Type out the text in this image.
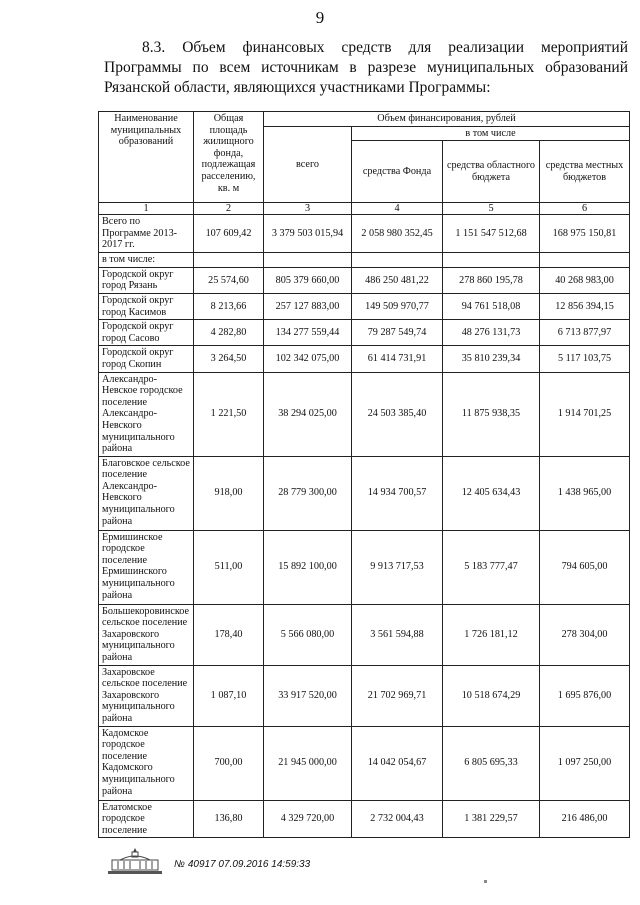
9
8.3. Объем финансовых средств для реализации мероприятий
Программы по всем источникам в разрезе муниципальных образований
Рязанской области, являющихся участниками Программы:
Наименование муниципальных образований	Общая площадь жилищного фонда, подлежащая расселению, кв. м	Объем финансирования, рублей			
		всего	в том числе		
			средства Фонда	средства областного бюджета	средства местных бюджетов
1	2	3	4	5	6
Всего по Программе 2013-2017 гг.	107 609,42	3 379 503 015,94	2 058 980 352,45	1 151 547 512,68	168 975 150,81
в том числе:					
Городской округ город Рязань	25 574,60	805 379 660,00	486 250 481,22	278 860 195,78	40 268 983,00
Городской округ город Касимов	8 213,66	257 127 883,00	149 509 970,77	94 761 518,08	12 856 394,15
Городской округ город Сасово	4 282,80	134 277 559,44	79 287 549,74	48 276 131,73	6 713 877,97
Городской округ город Скопин	3 264,50	102 342 075,00	61 414 731,91	35 810 239,34	5 117 103,75
Александро-Невское городское поселение Александро-Невского муниципального района	1 221,50	38 294 025,00	24 503 385,40	11 875 938,35	1 914 701,25
Благовское сельское поселение Александро-Невского муниципального района	918,00	28 779 300,00	14 934 700,57	12 405 634,43	1 438 965,00
Ермишинское городское поселение Ермишинского муниципального района	511,00	15 892 100,00	9 913 717,53	5 183 777,47	794 605,00
Большекоровинское сельское поселение Захаровского муниципального района	178,40	5 566 080,00	3 561 594,88	1 726 181,12	278 304,00
Захаровское сельское поселение Захаровского муниципального района	1 087,10	33 917 520,00	21 702 969,71	10 518 674,29	1 695 876,00
Кадомское городское поселение Кадомского муниципального района	700,00	21 945 000,00	14 042 054,67	6 805 695,33	1 097 250,00
Елатомское городское поселение	136,80	4 329 720,00	2 732 004,43	1 381 229,57	216 486,00
№ 40917 07.09.2016 14:59:33
